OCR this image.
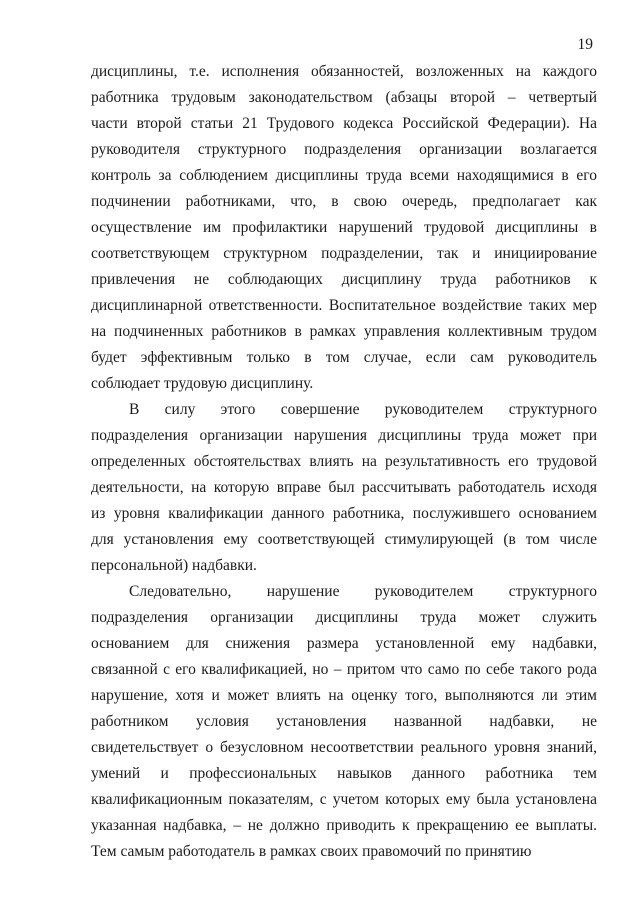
19
дисциплины, т.е. исполнения обязанностей, возложенных на каждого
работника трудовым законодательством (абзацы второй – четвертый
части второй статьи 21 Трудового кодекса Российской Федерации). На
руководителя структурного подразделения организации возлагается
контроль за соблюдением дисциплины труда всеми находящимися в его
подчинении работниками, что, в свою очередь, предполагает как
осуществление им профилактики нарушений трудовой дисциплины в
соответствующем структурном подразделении, так и инициирование
привлечения не соблюдающих дисциплину труда работников к
дисциплинарной ответственности. Воспитательное воздействие таких мер
на подчиненных работников в рамках управления коллективным трудом
будет эффективным только в том случае, если сам руководитель
соблюдает трудовую дисциплину.
В силу этого совершение руководителем структурного
подразделения организации нарушения дисциплины труда может при
определенных обстоятельствах влиять на результативность его трудовой
деятельности, на которую вправе был рассчитывать работодатель исходя
из уровня квалификации данного работника, послужившего основанием
для установления ему соответствующей стимулирующей (в том числе
персональной) надбавки.
Следовательно, нарушение руководителем структурного
подразделения организации дисциплины труда может служить
основанием для снижения размера установленной ему надбавки,
связанной с его квалификацией, но – притом что само по себе такого рода
нарушение, хотя и может влиять на оценку того, выполняются ли этим
работником условия установления названной надбавки, не
свидетельствует о безусловном несоответствии реального уровня знаний,
умений и профессиональных навыков данного работника тем
квалификационным показателям, с учетом которых ему была установлена
указанная надбавка, – не должно приводить к прекращению ее выплаты.
Тем самым работодатель в рамках своих правомочий по принятию
